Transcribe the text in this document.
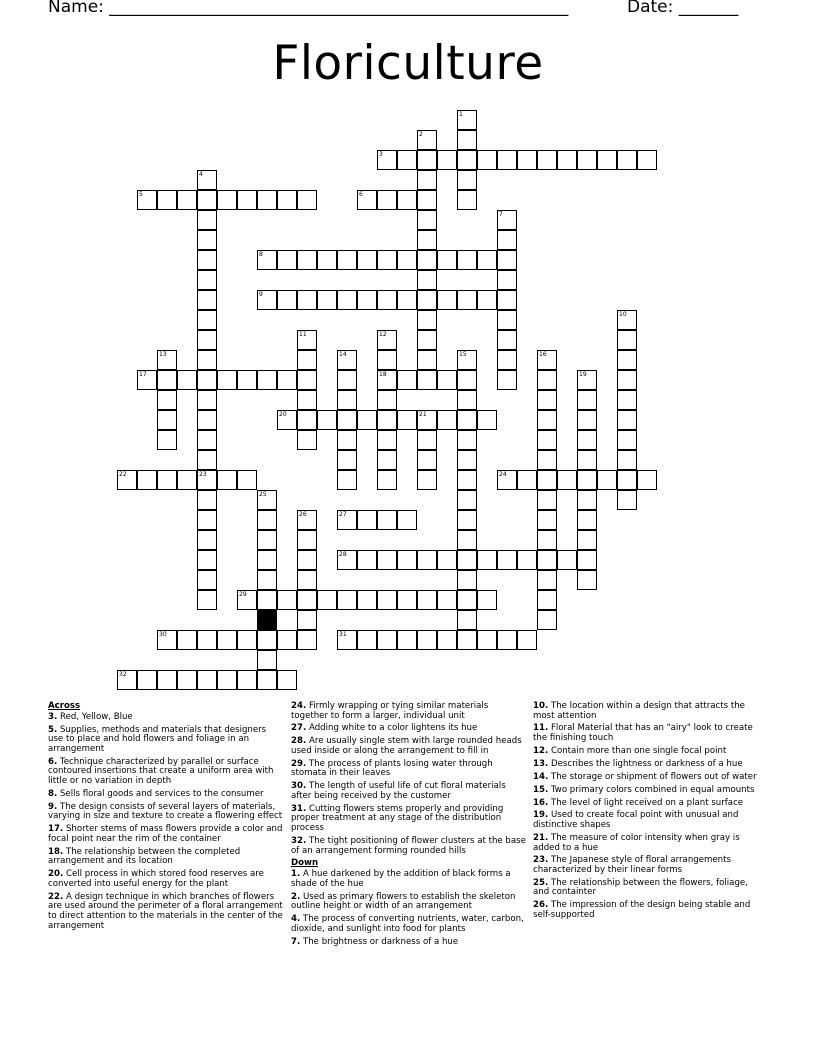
Name: ______________________________________________________	Date: _______
Floriculture
1
2
3
4
5	6
7
8
9
10
11	12
13	14	15	16
17	18	19
20	21
22	23	24
25
26	27
28
29
30	31
32
Across
3. Red, Yellow, Blue
5. Supplies, methods and materials that designers use to place and hold flowers and foliage in an arrangement
6. Technique characterized by parallel or surface contoured insertions that create a uniform area with little or no variation in depth
8. Sells floral goods and services to the consumer
9. The design consists of several layers of materials, varying in size and texture to create a flowering effect
17. Shorter stems of mass flowers provide a color and focal point near the rim of the container
18. The relationship between the completed arrangement and its location
20. Cell process in which stored food reserves are converted into useful energy for the plant
22. A design technique in which branches of flowers are used around the perimeter of a floral arrangement to direct attention to the materials in the center of the arrangement
24. Firmly wrapping or tying similar materials together to form a larger, individual unit
27. Adding white to a color lightens its hue
28. Are usually single stem with large rounded heads used inside or along the arrangement to fill in
29. The process of plants losing water through stomata in their leaves
30. The length of useful life of cut floral materials after being received by the customer
31. Cutting flowers stems properly and providing proper treatment at any stage of the distribution process
32. The tight positioning of flower clusters at the base of an arrangement forming rounded hills
Down
1. A hue darkened by the addition of black forms a shade of the hue
2. Used as primary flowers to establish the skeleton outline height or width of an arrangement
4. The process of converting nutrients, water, carbon, dioxide, and sunlight into food for plants
7. The brightness or darkness of a hue
10. The location within a design that attracts the most attention
11. Floral Material that has an "airy" look to create the finishing touch
12. Contain more than one single focal point
13. Describes the lightness or darkness of a hue
14. The storage or shipment of flowers out of water
15. Two primary colors combined in equal amounts
16. The level of light received on a plant surface
19. Used to create focal point with unusual and distinctive shapes
21. The measure of color intensity when gray is added to a hue
23. The Japanese style of floral arrangements characterized by their linear forms
25. The relationship between the flowers, foliage, and containter
26. The impression of the design being stable and self-supported
